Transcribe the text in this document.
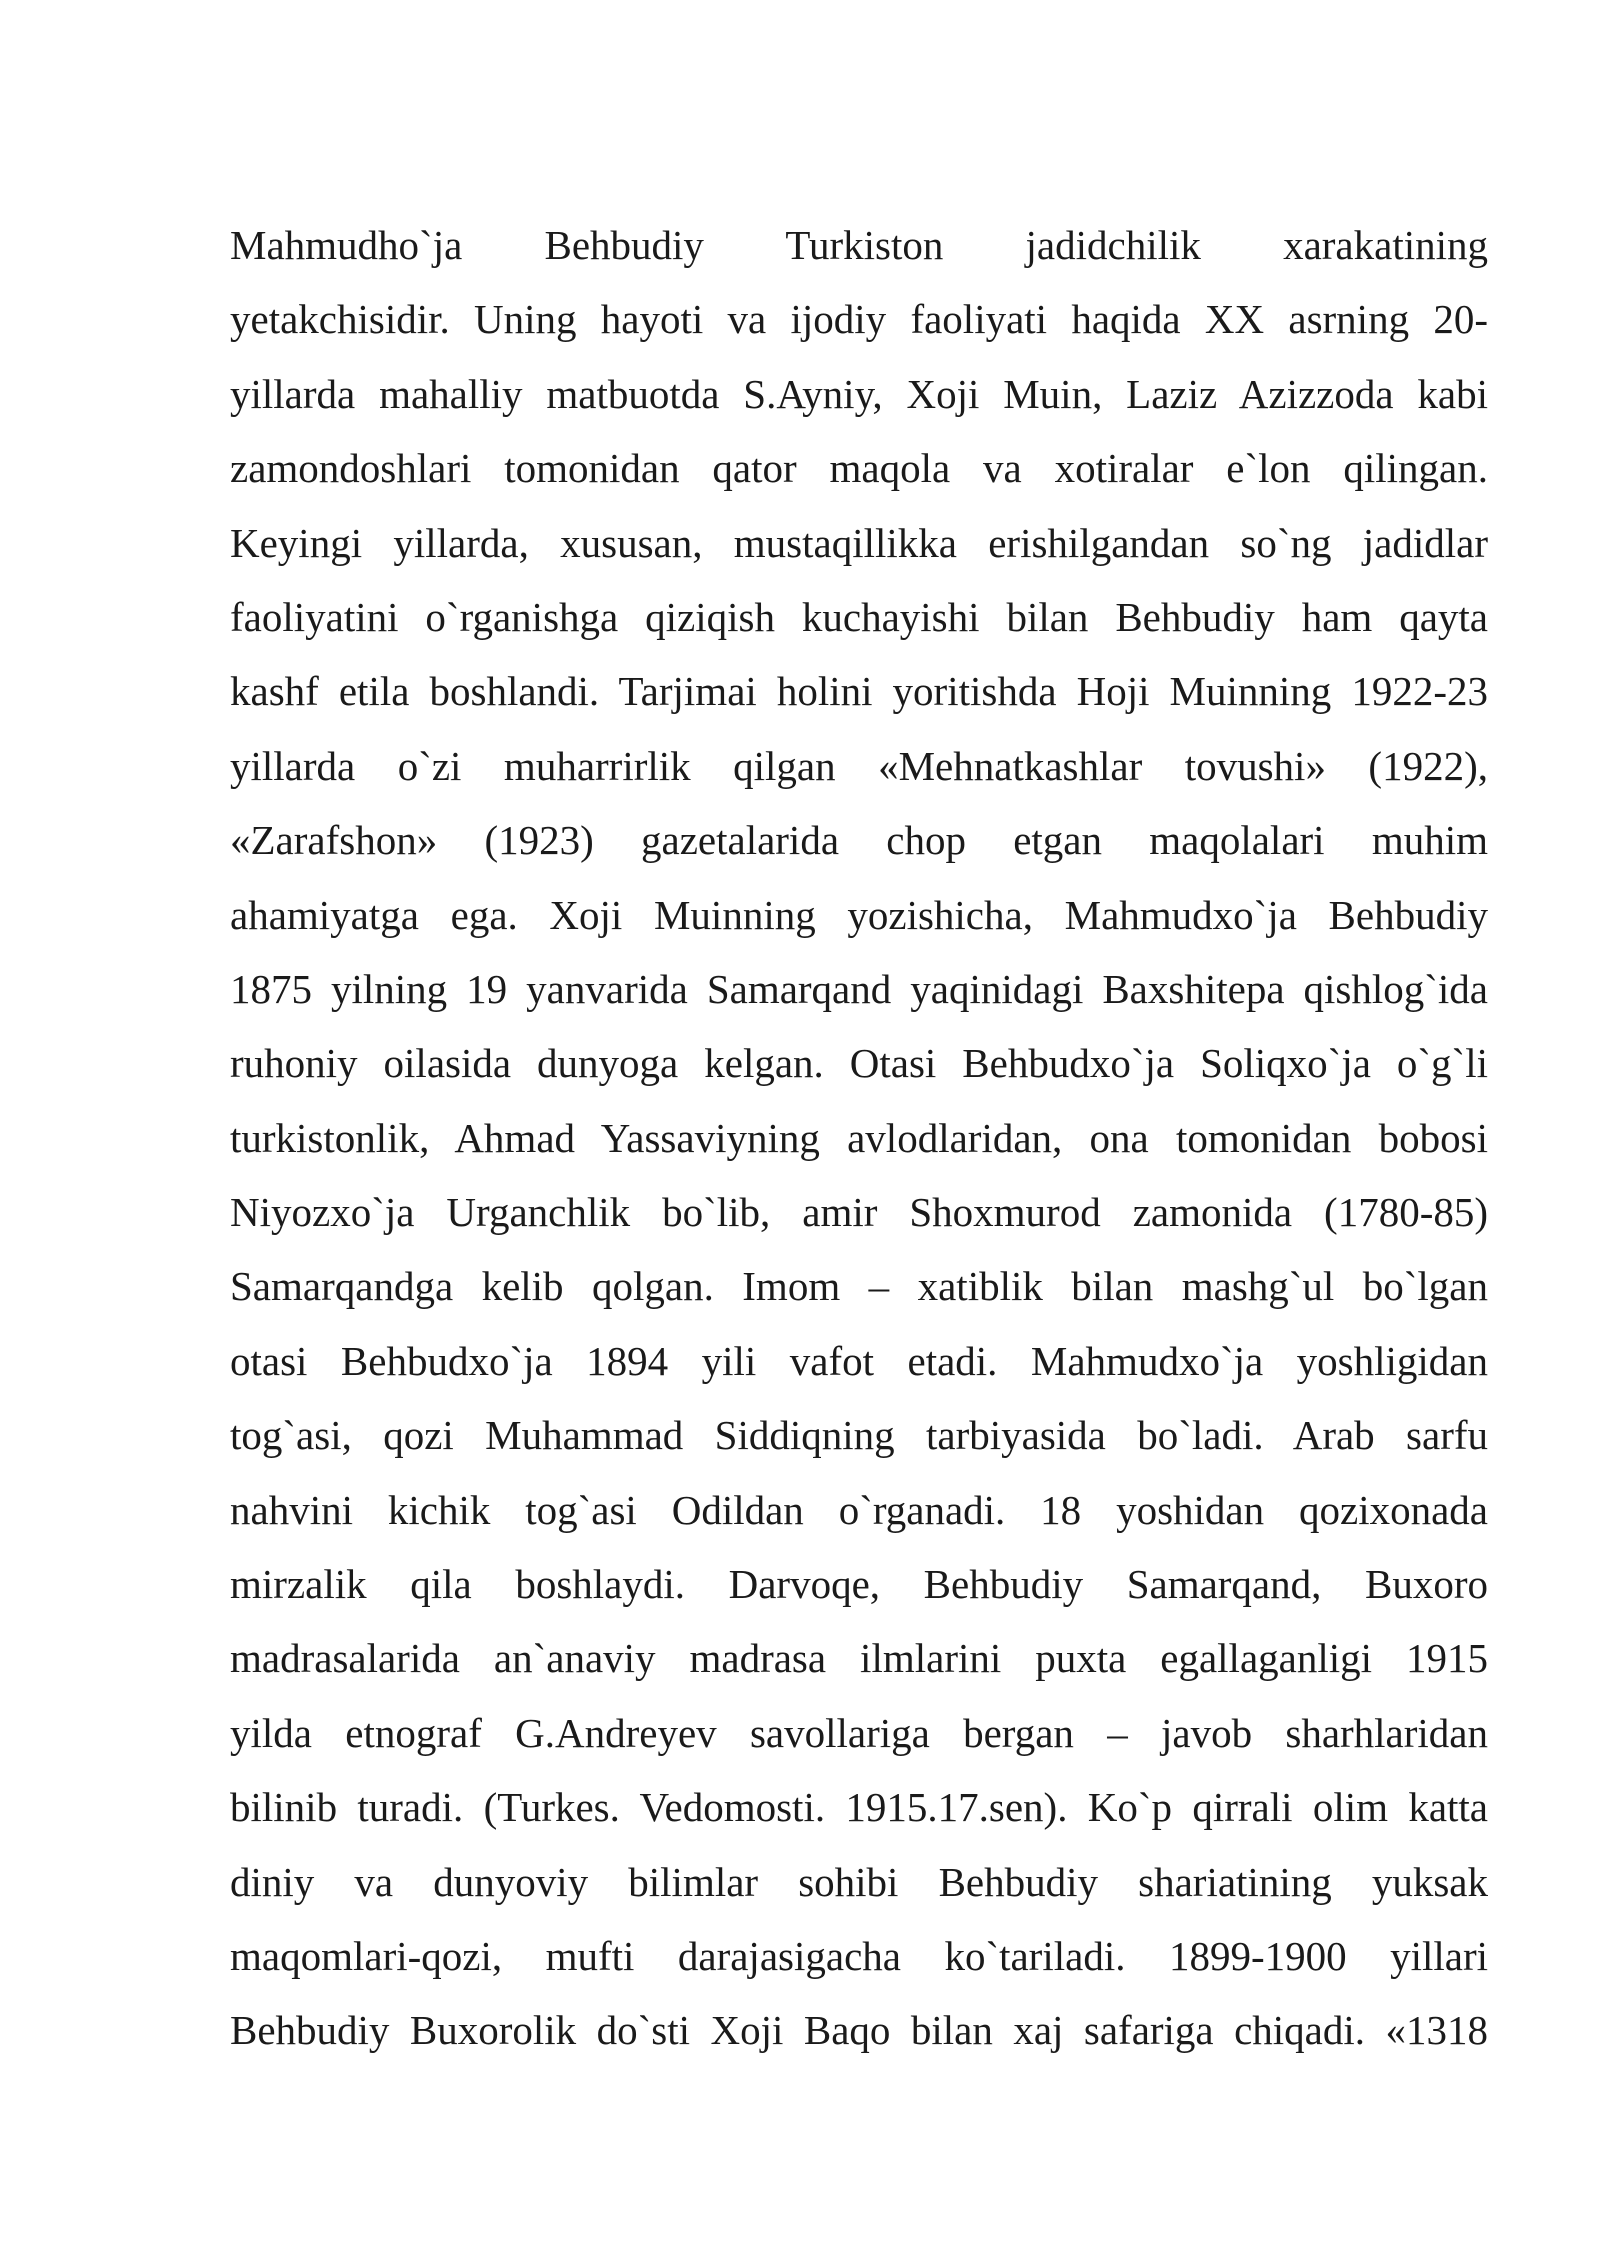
Mahmudho`ja Behbudiy Turkiston jadidchilik xarakatining
yetakchisidir. Uning hayoti va ijodiy faoliyati haqida XX asrning 20-
yillarda mahalliy matbuotda S.Ayniy, Xoji Muin, Laziz Azizzoda kabi
zamondoshlari tomonidan qator maqola va xotiralar e`lon qilingan.
Keyingi yillarda, xususan, mustaqillikka erishilgandan so`ng jadidlar
faoliyatini o`rganishga qiziqish kuchayishi bilan Behbudiy ham qayta
kashf etila boshlandi. Tarjimai holini yoritishda Hoji Muinning 1922-23
yillarda o`zi muharrirlik qilgan «Mehnatkashlar tovushi» (1922),
«Zarafshon» (1923) gazetalarida chop etgan maqolalari muhim
ahamiyatga ega. Xoji Muinning yozishicha, Mahmudxo`ja Behbudiy
1875 yilning 19 yanvarida Samarqand yaqinidagi Baxshitepa qishlog`ida
ruhoniy oilasida dunyoga kelgan. Otasi Behbudxo`ja Soliqxo`ja o`g`li
turkistonlik, Ahmad Yassaviyning avlodlaridan, ona tomonidan bobosi
Niyozxo`ja Urganchlik bo`lib, amir Shoxmurod zamonida (1780-85)
Samarqandga kelib qolgan. Imom – xatiblik bilan mashg`ul bo`lgan
otasi Behbudxo`ja 1894 yili vafot etadi. Mahmudxo`ja yoshligidan
tog`asi, qozi Muhammad Siddiqning tarbiyasida bo`ladi. Arab sarfu
nahvini kichik tog`asi Odildan o`rganadi. 18 yoshidan qozixonada
mirzalik qila boshlaydi. Darvoqe, Behbudiy Samarqand, Buxoro
madrasalarida an`anaviy madrasa ilmlarini puxta egallaganligi 1915
yilda etnograf G.Andreyev savollariga bergan – javob sharhlaridan
bilinib turadi. (Turkes. Vedomosti. 1915.17.sen). Ko`p qirrali olim katta
diniy va dunyoviy bilimlar sohibi Behbudiy shariatining yuksak
maqomlari-qozi, mufti darajasigacha ko`tariladi. 1899-1900 yillari
Behbudiy Buxorolik do`sti Xoji Baqo bilan xaj safariga chiqadi. «1318
